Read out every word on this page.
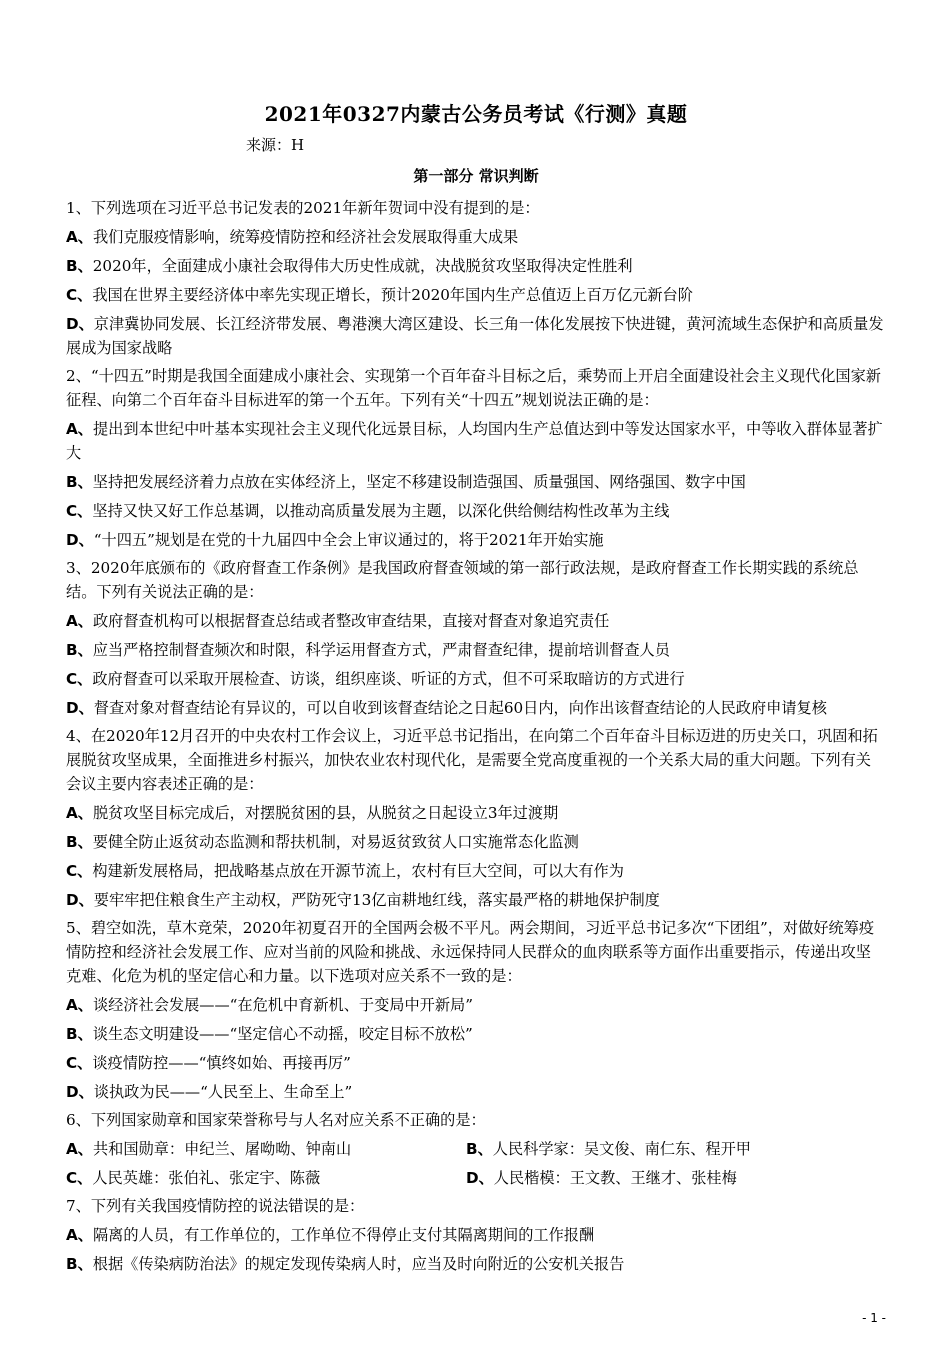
2021年0327内蒙古公务员考试《行测》真题
来源：H
第一部分 常识判断
1、下列选项在习近平总书记发表的2021年新年贺词中没有提到的是：
A、我们克服疫情影响，统筹疫情防控和经济社会发展取得重大成果
B、2020年，全面建成小康社会取得伟大历史性成就，决战脱贫攻坚取得决定性胜利
C、我国在世界主要经济体中率先实现正增长，预计2020年国内生产总值迈上百万亿元新台阶
D、京津冀协同发展、长江经济带发展、粤港澳大湾区建设、长三角一体化发展按下快进键，黄河流域生态保护和高质量发展成为国家战略
2、“十四五”时期是我国全面建成小康社会、实现第一个百年奋斗目标之后，乘势而上开启全面建设社会主义现代化国家新征程、向第二个百年奋斗目标进军的第一个五年。下列有关“十四五”规划说法正确的是：
A、提出到本世纪中叶基本实现社会主义现代化远景目标，人均国内生产总值达到中等发达国家水平，中等收入群体显著扩大
B、坚持把发展经济着力点放在实体经济上，坚定不移建设制造强国、质量强国、网络强国、数字中国
C、坚持又快又好工作总基调，以推动高质量发展为主题，以深化供给侧结构性改革为主线
D、“十四五”规划是在党的十九届四中全会上审议通过的，将于2021年开始实施
3、2020年底颁布的《政府督查工作条例》是我国政府督查领域的第一部行政法规，是政府督查工作长期实践的系统总结。下列有关说法正确的是：
A、政府督查机构可以根据督查总结或者整改审查结果，直接对督查对象追究责任
B、应当严格控制督查频次和时限，科学运用督查方式，严肃督查纪律，提前培训督查人员
C、政府督查可以采取开展检查、访谈，组织座谈、听证的方式，但不可采取暗访的方式进行
D、督查对象对督查结论有异议的，可以自收到该督查结论之日起60日内，向作出该督查结论的人民政府申请复核
4、在2020年12月召开的中央农村工作会议上，习近平总书记指出，在向第二个百年奋斗目标迈进的历史关口，巩固和拓展脱贫攻坚成果，全面推进乡村振兴，加快农业农村现代化，是需要全党高度重视的一个关系大局的重大问题。下列有关会议主要内容表述正确的是：
A、脱贫攻坚目标完成后，对摆脱贫困的县，从脱贫之日起设立3年过渡期
B、要健全防止返贫动态监测和帮扶机制，对易返贫致贫人口实施常态化监测
C、构建新发展格局，把战略基点放在开源节流上，农村有巨大空间，可以大有作为
D、要牢牢把住粮食生产主动权，严防死守13亿亩耕地红线，落实最严格的耕地保护制度
5、碧空如洗，草木竞荣，2020年初夏召开的全国两会极不平凡。两会期间，习近平总书记多次“下团组”，对做好统筹疫情防控和经济社会发展工作、应对当前的风险和挑战、永远保持同人民群众的血肉联系等方面作出重要指示，传递出攻坚克难、化危为机的坚定信心和力量。以下选项对应关系不一致的是：
A、谈经济社会发展——“在危机中育新机、于变局中开新局”
B、谈生态文明建设——“坚定信心不动摇，咬定目标不放松”
C、谈疫情防控——“慎终如始、再接再厉”
D、谈执政为民——“人民至上、生命至上”
6、下列国家勋章和国家荣誉称号与人名对应关系不正确的是：
A、共和国勋章：申纪兰、屠呦呦、钟南山	B、人民科学家：吴文俊、南仁东、程开甲
C、人民英雄：张伯礼、张定宇、陈薇	D、人民楷模：王文教、王继才、张桂梅
7、下列有关我国疫情防控的说法错误的是：
A、隔离的人员，有工作单位的，工作单位不得停止支付其隔离期间的工作报酬
B、根据《传染病防治法》的规定发现传染病人时，应当及时向附近的公安机关报告
- 1 -
